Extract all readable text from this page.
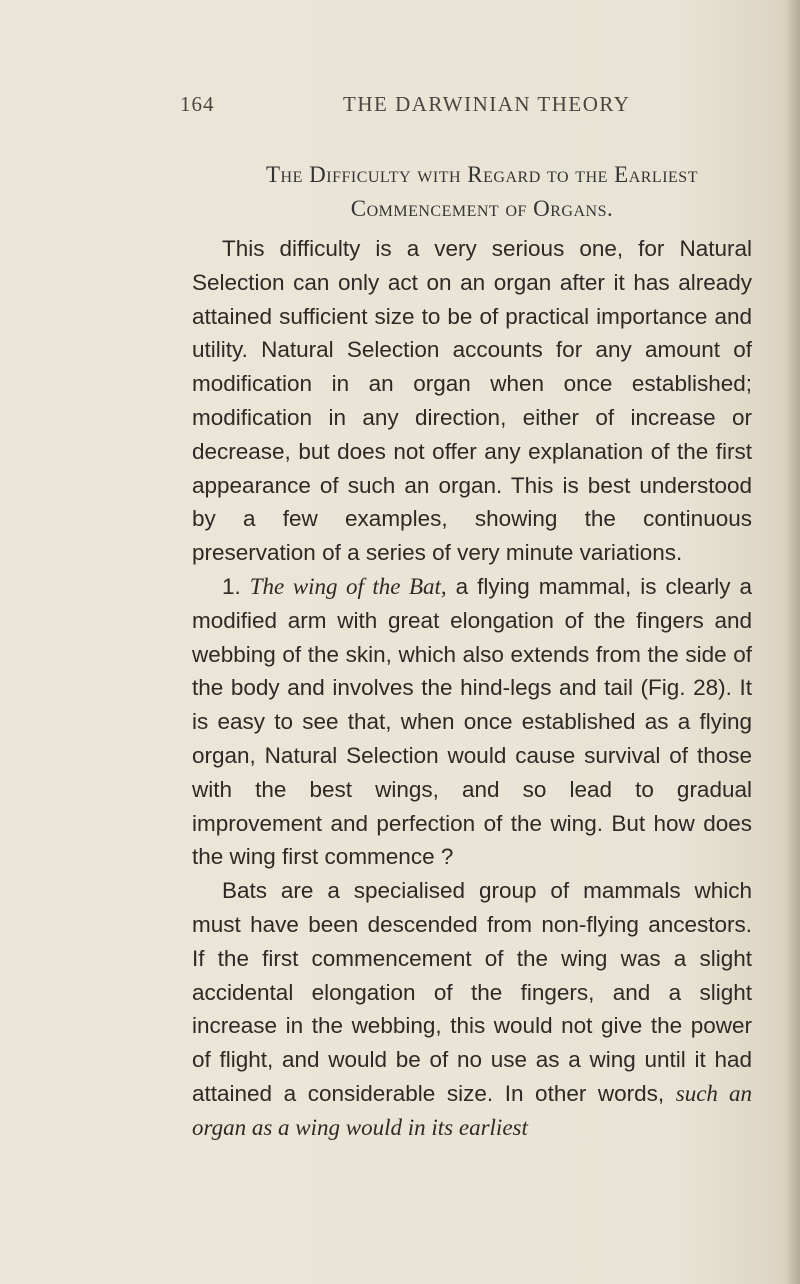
164	THE DARWINIAN THEORY
The Difficulty with Regard to the Earliest
Commencement of Organs.

This difficulty is a very serious one, for Natural Selection can only act on an organ after it has already attained sufficient size to be of practical importance and utility. Natural Selection accounts for any amount of modification in an organ when once established; modification in any direction, either of increase or decrease, but does not offer any explanation of the first appearance of such an organ. This is best understood by a few examples, showing the continuous preservation of a series of very minute variations.

1. The wing of the Bat, a flying mammal, is clearly a modified arm with great elongation of the fingers and webbing of the skin, which also extends from the side of the body and involves the hind-legs and tail (Fig. 28). It is easy to see that, when once established as a flying organ, Natural Selection would cause survival of those with the best wings, and so lead to gradual improvement and perfection of the wing. But how does the wing first commence ?

Bats are a specialised group of mammals which must have been descended from non-flying ancestors. If the first commencement of the wing was a slight accidental elongation of the fingers, and a slight increase in the webbing, this would not give the power of flight, and would be of no use as a wing until it had attained a considerable size. In other words, such an organ as a wing would in its earliest
